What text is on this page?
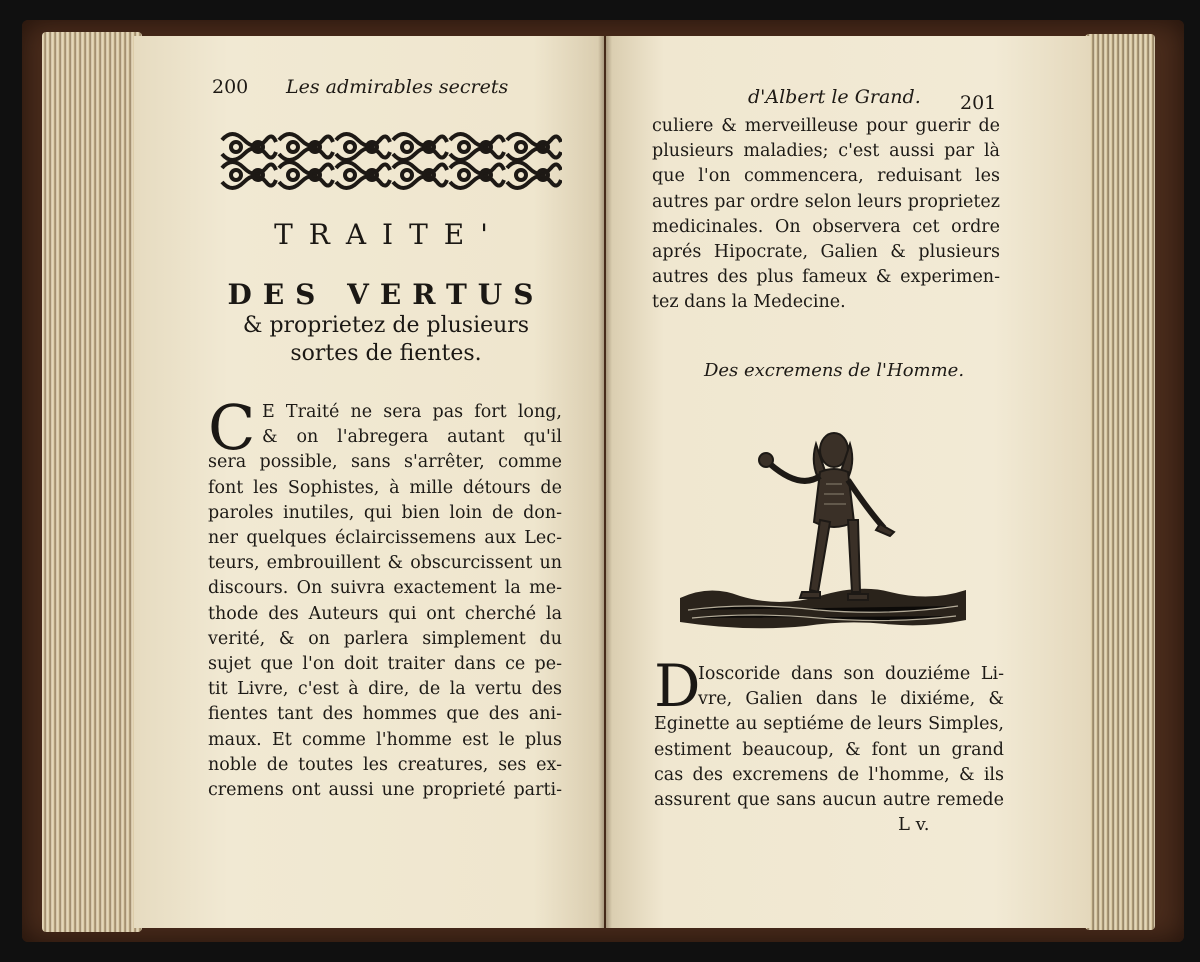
200 Les admirables secrets
TRAITE'
DES VERTUS
& proprietez de plusieurs
sortes de fientes.
C E Traité ne sera pas fort long,
& on l'abregera autant qu'il
sera possible, sans s'arrêter, comme
font les Sophistes, à mille détours de
paroles inutiles, qui bien loin de don-
ner quelques éclaircissemens aux Lec-
teurs, embrouillent & obscurcissent un
discours. On suivra exactement la me-
thode des Auteurs qui ont cherché la
verité, & on parlera simplement du
sujet que l'on doit traiter dans ce pe-
tit Livre, c'est à dire, de la vertu des
fientes tant des hommes que des ani-
maux. Et comme l'homme est le plus
noble de toutes les creatures, ses ex-
cremens ont aussi une proprieté parti-
d'Albert le Grand. 201
culiere & merveilleuse pour guerir de
plusieurs maladies; c'est aussi par là
que l'on commencera, reduisant les
autres par ordre selon leurs proprietez
medicinales. On observera cet ordre
aprés Hipocrate, Galien & plusieurs
autres des plus fameux & experimen-
tez dans la Medecine.
Des excremens de l'Homme.
D
Ioscoride dans son douziéme Li-
vre, Galien dans le dixiéme, &
Eginette au septiéme de leurs Simples,
estiment beaucoup, & font un grand
cas des excremens de l'homme, & ils
assurent que sans aucun autre remede
L v.
